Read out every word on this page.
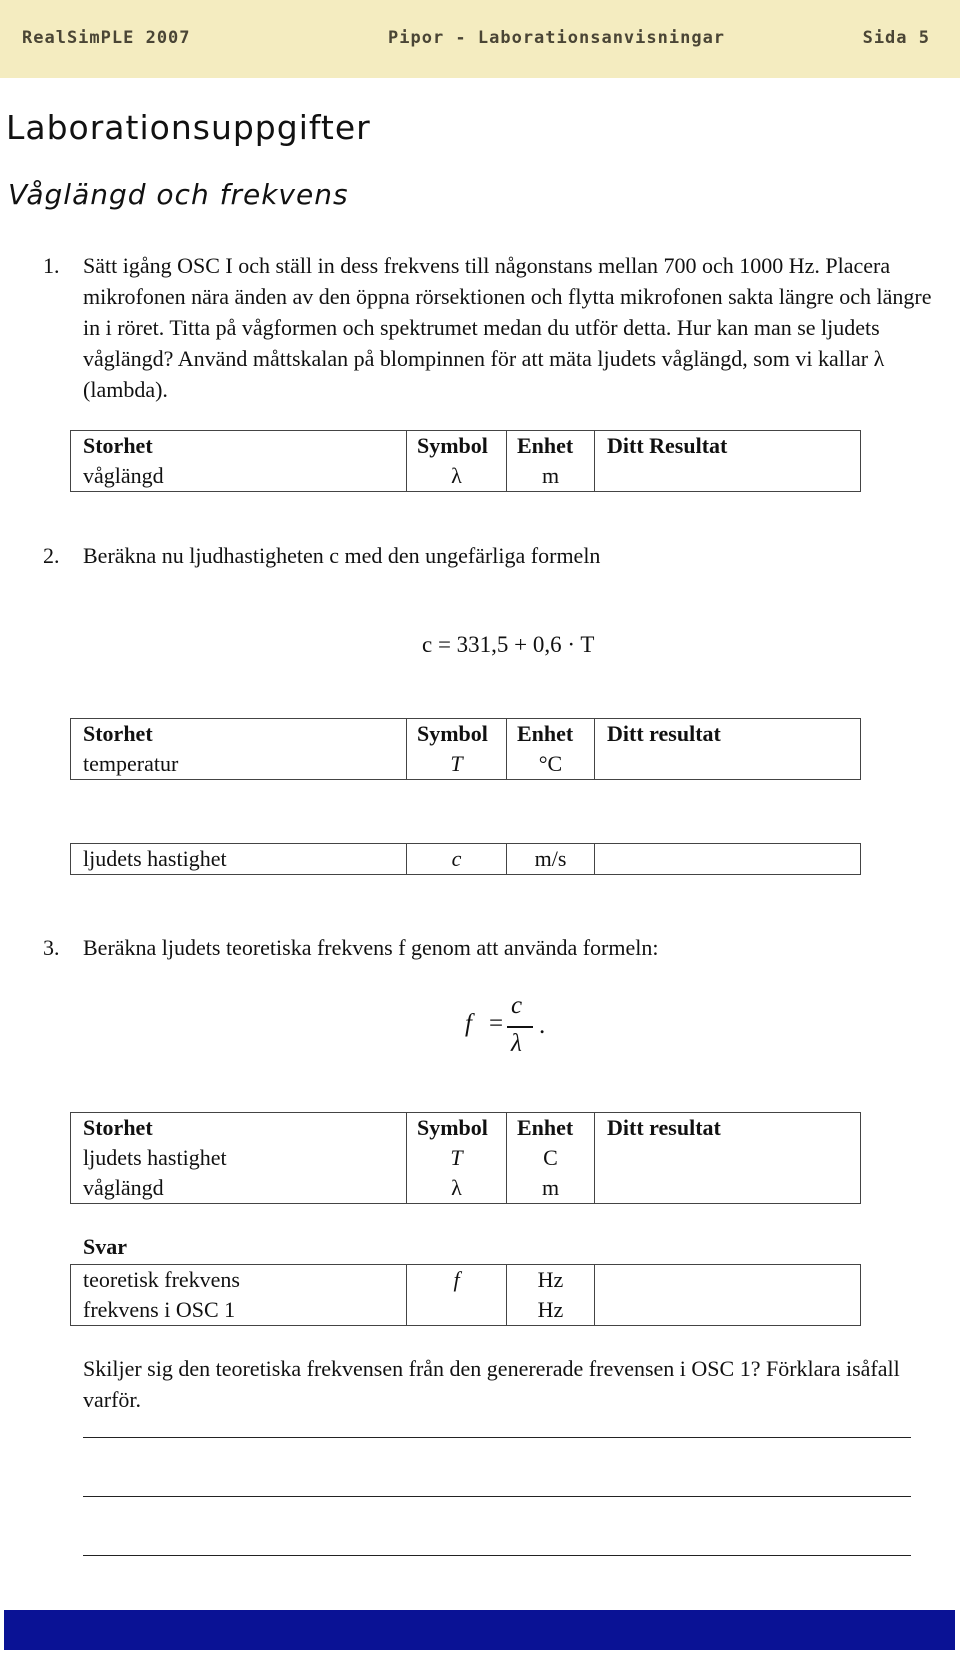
RealSimPLE 2007	Pipor - Laborationsanvisningar	Sida 5
Laborationsuppgifter
Våglängd och frekvens
1. Sätt igång OSC I och ställ in dess frekvens till någonstans mellan 700 och 1000 Hz. Placera mikrofonen nära änden av den öppna rörsektionen och flytta mikrofonen sakta längre och längre in i röret. Titta på vågformen och spektrumet medan du utför detta. Hur kan man se ljudets våglängd? Använd måttskalan på blompinnen för att mäta ljudets våglängd, som vi kallar λ (lambda).
Storhet	Symbol	Enhet	Ditt Resultat
våglängd	λ	m	
2. Beräkna nu ljudhastigheten c med den ungefärliga formeln
c = 331,5 + 0,6 · T
Storhet	Symbol	Enhet	Ditt resultat
temperatur	T	°C	
ljudets hastighet	c	m/s	
3. Beräkna ljudets teoretiska frekvens f genom att använda formeln:
f =
c
λ
.
Storhet	Symbol	Enhet	Ditt resultat
ljudets hastighet	T	C	
våglängd	λ	m	
Svar
teoretisk frekvens	f	Hz	
frekvens i OSC 1		Hz	
Skiljer sig den teoretiska frekvensen från den genererade frevensen i OSC 1? Förklara isåfall varför.
